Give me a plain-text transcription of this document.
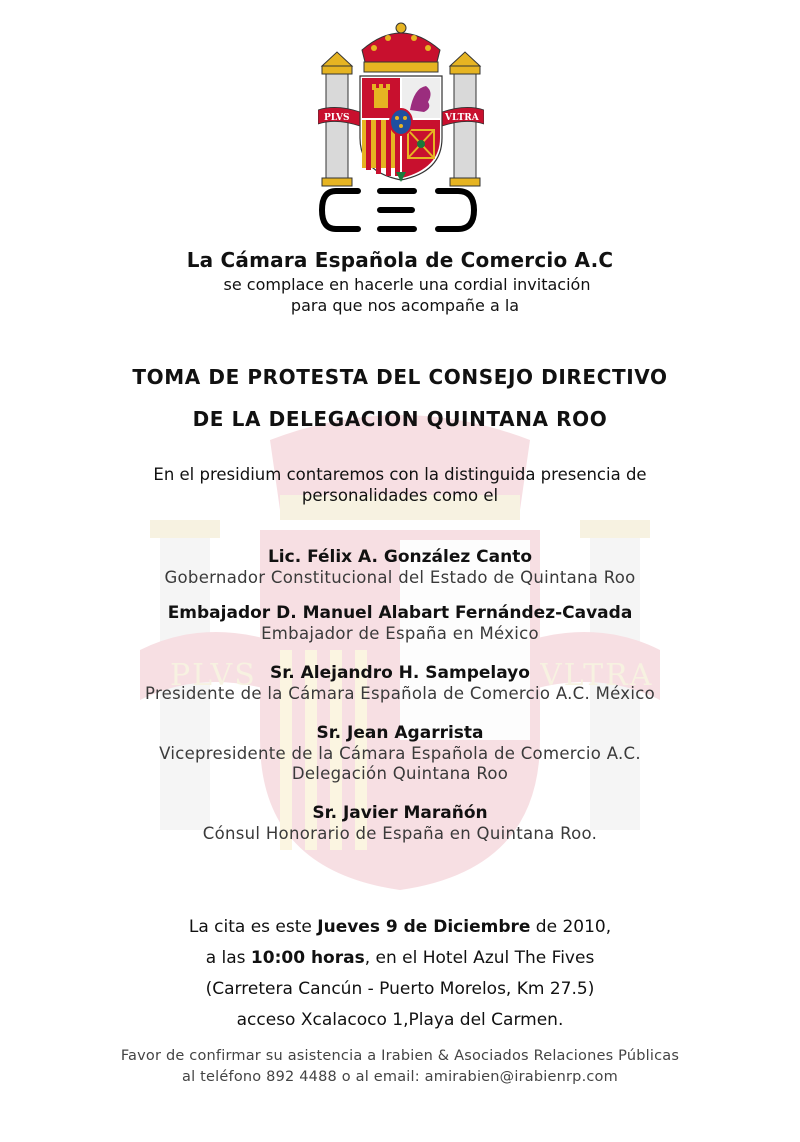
PLVS	VLTRA
PLVS	VLTRA
La Cámara Española de Comercio A.C
se complace en hacerle una cordial invitación
para que nos acompañe a la
TOMA DE PROTESTA DEL CONSEJO DIRECTIVO
DE LA DELEGACION QUINTANA ROO
En el presidium contaremos con la distinguida presencia de
personalidades como el
Lic. Félix A. González Canto
Gobernador Constitucional del Estado de Quintana Roo
Embajador D. Manuel Alabart Fernández-Cavada
Embajador de España en México
Sr. Alejandro H. Sampelayo
Presidente de la Cámara Española de Comercio A.C. México
Sr. Jean Agarrista
Vicepresidente de la Cámara Española de Comercio A.C.
Delegación Quintana Roo
Sr. Javier Marañón
Cónsul Honorario de España en Quintana Roo.
La cita es este Jueves 9 de Diciembre de 2010,
a las 10:00 horas, en el Hotel Azul The Fives
(Carretera Cancún - Puerto Morelos, Km 27.5)
acceso Xcalacoco 1,Playa del Carmen.
Favor de confirmar su asistencia a Irabien & Asociados Relaciones Públicas
al teléfono 892 4488 o al email: amirabien@irabienrp.com
